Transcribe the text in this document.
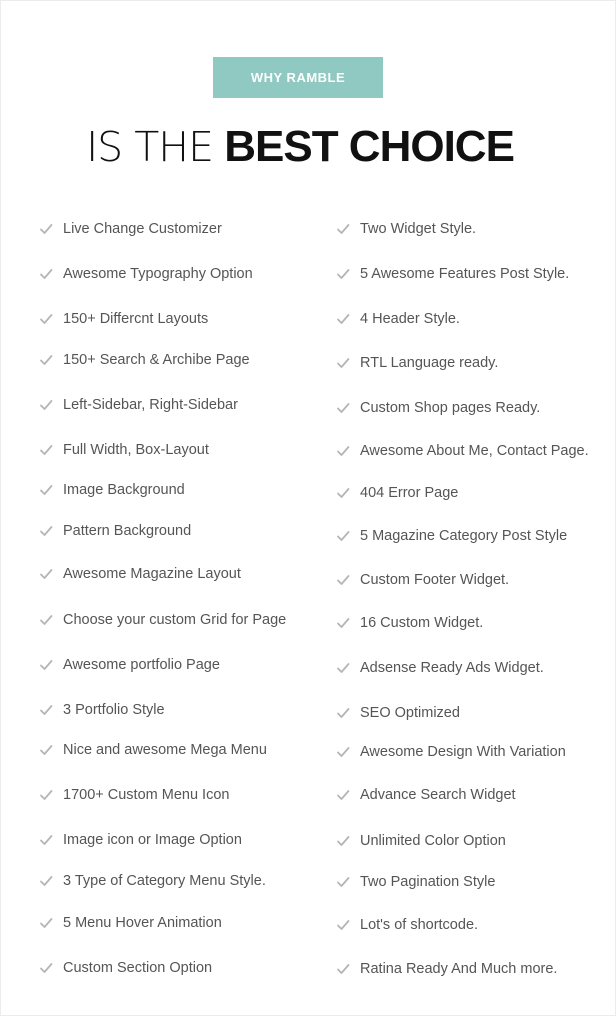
WHY RAMBLE
IS THE BEST CHOICE
Live Change Customizer
Awesome Typography Option
150+ Differcnt Layouts
150+ Search & Archibe Page
Left-Sidebar, Right-Sidebar
Full Width, Box-Layout
Image Background
Pattern Background
Awesome Magazine Layout
Choose your custom Grid for Page
Awesome portfolio Page
3 Portfolio Style
Nice and awesome Mega Menu
1700+ Custom Menu Icon
Image icon or Image Option
3 Type of Category Menu Style.
5 Menu Hover Animation
Custom Section Option
Two Widget Style.
5 Awesome Features Post Style.
4 Header Style.
RTL Language ready.
Custom Shop pages Ready.
Awesome About Me, Contact Page.
404 Error Page
5 Magazine Category Post Style
Custom Footer Widget.
16 Custom Widget.
Adsense Ready Ads Widget.
SEO Optimized
Awesome Design With Variation
Advance Search Widget
Unlimited Color Option
Two Pagination Style
Lot's of shortcode.
Ratina Ready And Much more.
